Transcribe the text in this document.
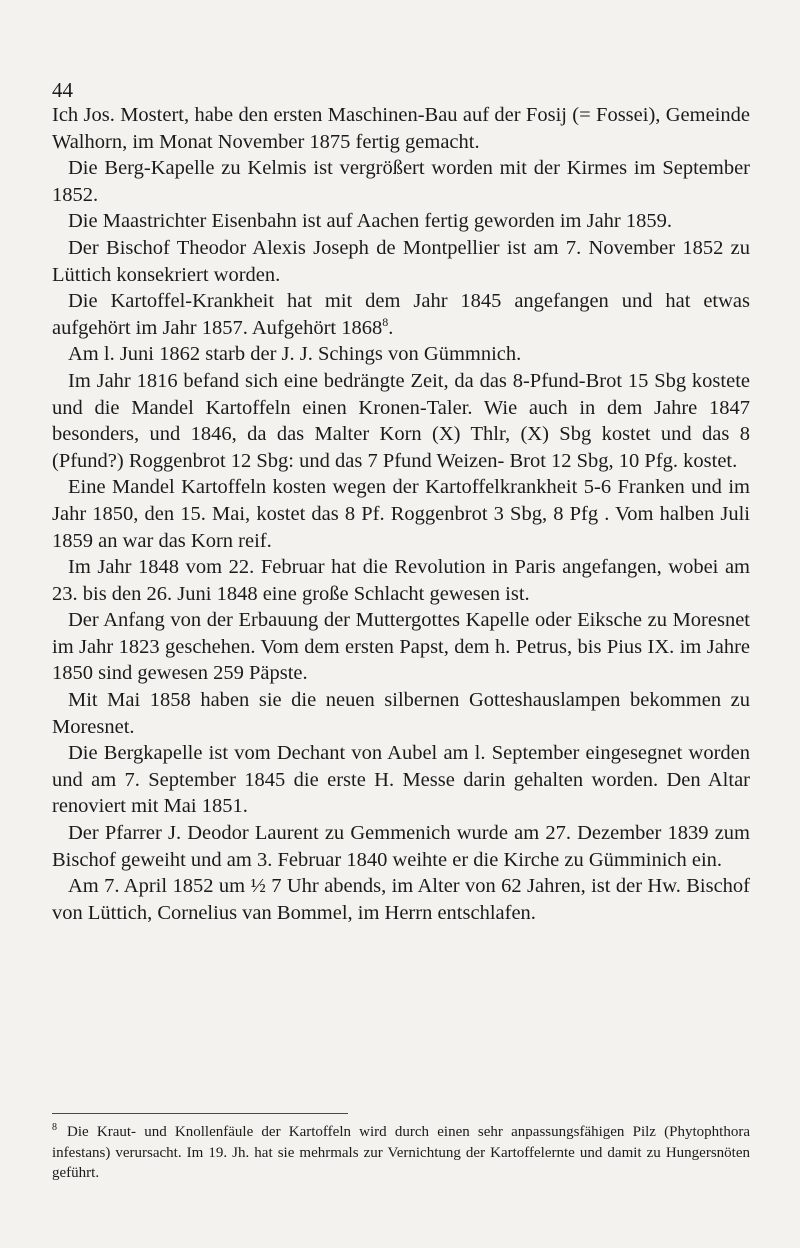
44

Ich Jos. Mostert, habe den ersten Maschinen-Bau auf der Fosij (= Fossei), Gemeinde Walhorn, im Monat November 1875 fertig gemacht.

Die Berg-Kapelle zu Kelmis ist vergrößert worden mit der Kirmes im September 1852.

Die Maastrichter Eisenbahn ist auf Aachen fertig geworden im Jahr 1859.

Der Bischof Theodor Alexis Joseph de Montpellier ist am 7. November 1852 zu Lüttich konsekriert worden.

Die Kartoffel-Krankheit hat mit dem Jahr 1845 angefangen und hat etwas aufgehört im Jahr 1857. Aufgehört 1868$^8$.

Am l. Juni 1862 starb der J. J. Schings von Gümmnich.

Im Jahr 1816 befand sich eine bedrängte Zeit, da das 8-Pfund-Brot 15 Sbg kostete und die Mandel Kartoffeln einen Kronen-Taler. Wie auch in dem Jahre 1847 besonders, und 1846, da das Malter Korn (X) Thlr, (X) Sbg kostet und das 8 (Pfund?) Roggenbrot 12 Sbg: und das 7 Pfund Weizen- Brot 12 Sbg, 10 Pfg. kostet.

Eine Mandel Kartoffeln kosten wegen der Kartoffelkrankheit 5-6 Franken und im Jahr 1850, den 15. Mai, kostet das 8 Pf. Roggenbrot 3 Sbg, 8 Pfg . Vom halben Juli 1859 an war das Korn reif.

Im Jahr 1848 vom 22. Februar hat die Revolution in Paris angefangen, wobei am 23. bis den 26. Juni 1848 eine große Schlacht gewesen ist.

Der Anfang von der Erbauung der Muttergottes Kapelle oder Eiksche zu Moresnet im Jahr 1823 geschehen. Vom dem ersten Papst, dem h. Petrus, bis Pius IX. im Jahre 1850 sind gewesen 259 Päpste.

Mit Mai 1858 haben sie die neuen silbernen Gotteshauslampen bekommen zu Moresnet.

Die Bergkapelle ist vom Dechant von Aubel am l. September eingesegnet worden und am 7. September 1845 die erste H. Messe darin gehalten worden. Den Altar renoviert mit Mai 1851.

Der Pfarrer J. Deodor Laurent zu Gemmenich wurde am 27. Dezember 1839 zum Bischof geweiht und am 3. Februar 1840 weihte er die Kirche zu Gümminich ein.

Am 7. April 1852 um ½ 7 Uhr abends, im Alter von 62 Jahren, ist der Hw. Bischof von Lüttich, Cornelius van Bommel, im Herrn entschlafen.

$^8$ Die Kraut- und Knollenfäule der Kartoffeln wird durch einen sehr anpassungsfähigen Pilz (Phytophthora infestans) verursacht. Im 19. Jh. hat sie mehrmals zur Vernichtung der Kartoffelernte und damit zu Hungersnöten geführt.
